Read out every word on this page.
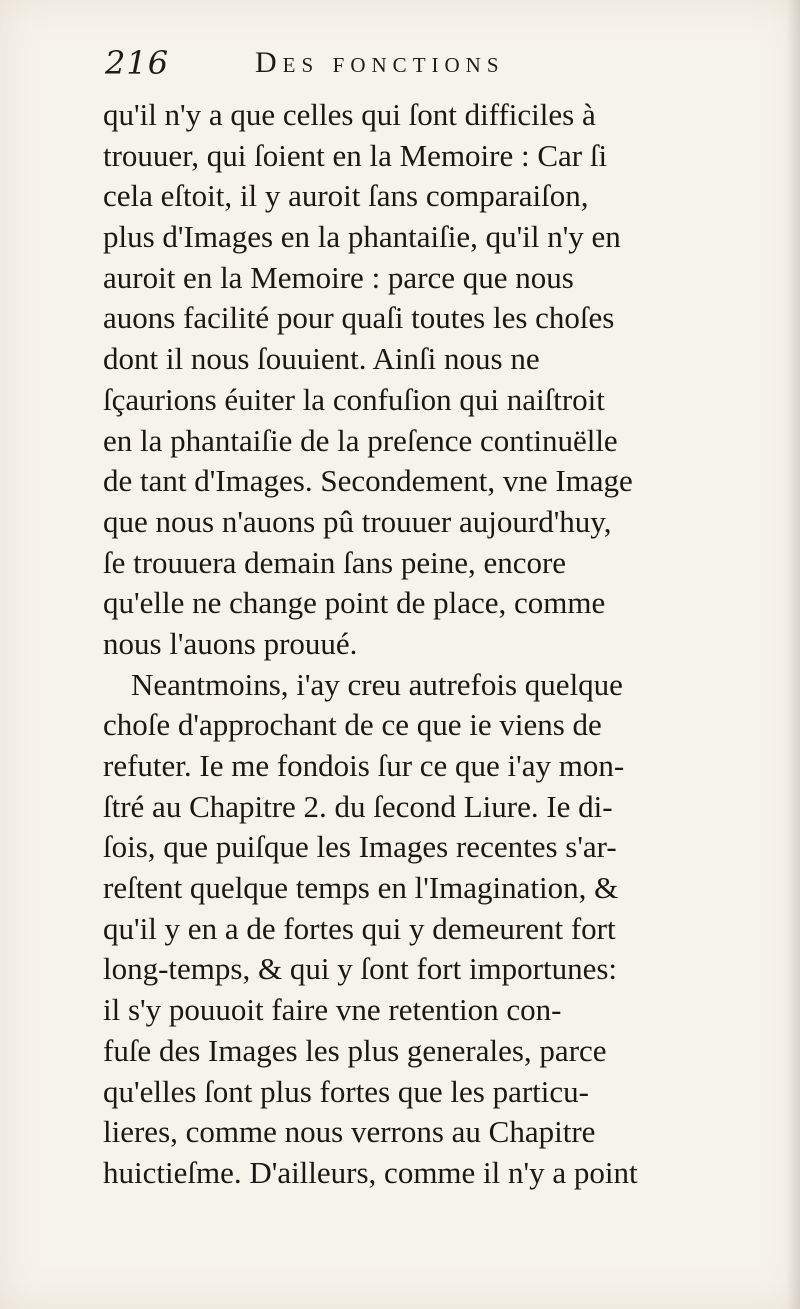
216	Des fonctions
qu'il n'y a que celles qui ſont difficiles à
trouuer, qui ſoient en la Memoire : Car ſi
cela eſtoit, il y auroit ſans comparaiſon,
plus d'Images en la phantaiſie, qu'il n'y en
auroit en la Memoire : parce que nous
auons facilité pour quaſi toutes les choſes
dont il nous ſouuient. Ainſi nous ne
ſçaurions éuiter la confuſion qui naiſtroit
en la phantaiſie de la preſence continuëlle
de tant d'Images. Secondement, vne Image
que nous n'auons pû trouuer aujourd'huy,
ſe trouuera demain ſans peine, encore
qu'elle ne change point de place, comme
nous l'auons prouué.
Neantmoins, i'ay creu autrefois quelque
choſe d'approchant de ce que ie viens de
refuter. Ie me fondois ſur ce que i'ay mon-
ſtré au Chapitre 2. du ſecond Liure. Ie di-
ſois, que puiſque les Images recentes s'ar-
reſtent quelque temps en l'Imagination, &
qu'il y en a de fortes qui y demeurent fort
long-temps, & qui y ſont fort importunes:
il s'y pouuoit faire vne retention con-
fuſe des Images les plus generales, parce
qu'elles ſont plus fortes que les particu-
lieres, comme nous verrons au Chapitre
huictieſme. D'ailleurs, comme il n'y a point
